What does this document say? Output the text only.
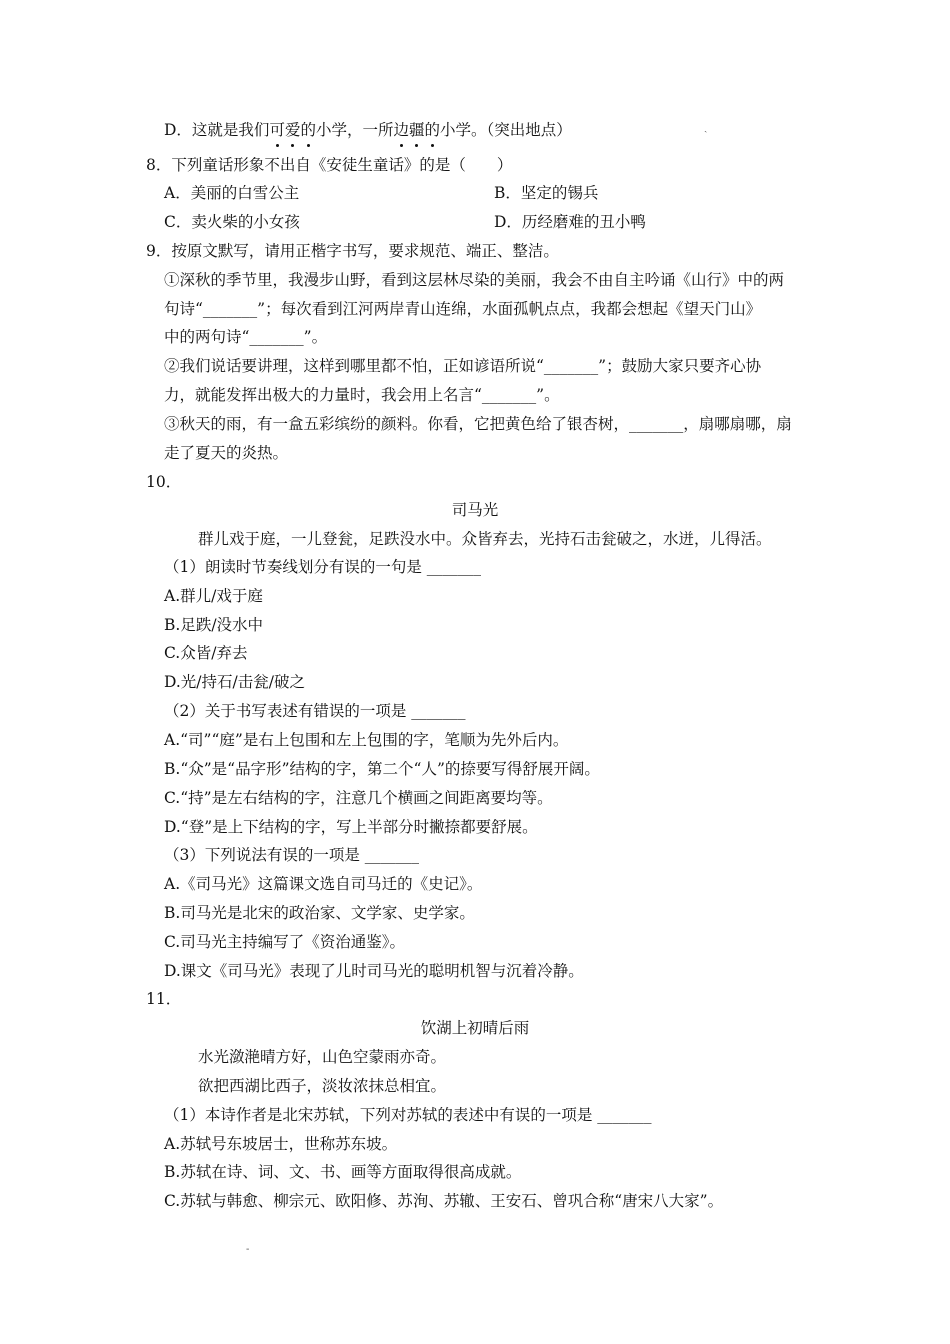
D．这就是我们可爱的小学，一所边疆的小学。（突出地点）	ˎ
8．下列童话形象不出自《安徒生童话》的是（　　）
A．美丽的白雪公主	B．坚定的锡兵
C．卖火柴的小女孩	D．历经磨难的丑小鸭
9．按原文默写，请用正楷字书写，要求规范、端正、整洁。
①深秋的季节里，我漫步山野，看到这层林尽染的美丽，我会不由自主吟诵《山行》中的两
句诗“_______”；每次看到江河两岸青山连绵，水面孤帆点点，我都会想起《望天门山》
中的两句诗“_______”。
②我们说话要讲理，这样到哪里都不怕，正如谚语所说“_______”；鼓励大家只要齐心协
力，就能发挥出极大的力量时，我会用上名言“_______”。
③秋天的雨，有一盒五彩缤纷的颜料。你看，它把黄色给了银杏树，_______，扇哪扇哪，扇
走了夏天的炎热。
10．
司马光
群儿戏于庭，一儿登瓮，足跌没水中。众皆弃去，光持石击瓮破之，水迸，儿得活。
（1）朗读时节奏线划分有误的一句是 _______
A.群儿/戏于庭
B.足跌/没水中
C.众皆/弃去
D.光/持石/击瓮/破之
（2）关于书写表述有错误的一项是 _______
A.“司”“庭”是右上包围和左上包围的字，笔顺为先外后内。
B.“众”是“品字形”结构的字，第二个“人”的捺要写得舒展开阔。
C.“持”是左右结构的字，注意几个横画之间距离要均等。
D.“登”是上下结构的字，写上半部分时撇捺都要舒展。
（3）下列说法有误的一项是 _______
A.《司马光》这篇课文选自司马迁的《史记》。
B.司马光是北宋的政治家、文学家、史学家。
C.司马光主持编写了《资治通鉴》。
D.课文《司马光》表现了儿时司马光的聪明机智与沉着冷静。
11．
饮湖上初晴后雨
水光潋滟晴方好，山色空蒙雨亦奇。
欲把西湖比西子，淡妆浓抹总相宜。
（1）本诗作者是北宋苏轼，下列对苏轼的表述中有误的一项是 _______
A.苏轼号东坡居士，世称苏东坡。
B.苏轼在诗、词、文、书、画等方面取得很高成就。
C.苏轼与韩愈、柳宗元、欧阳修、苏洵、苏辙、王安石、曾巩合称“唐宋八大家”。
-
